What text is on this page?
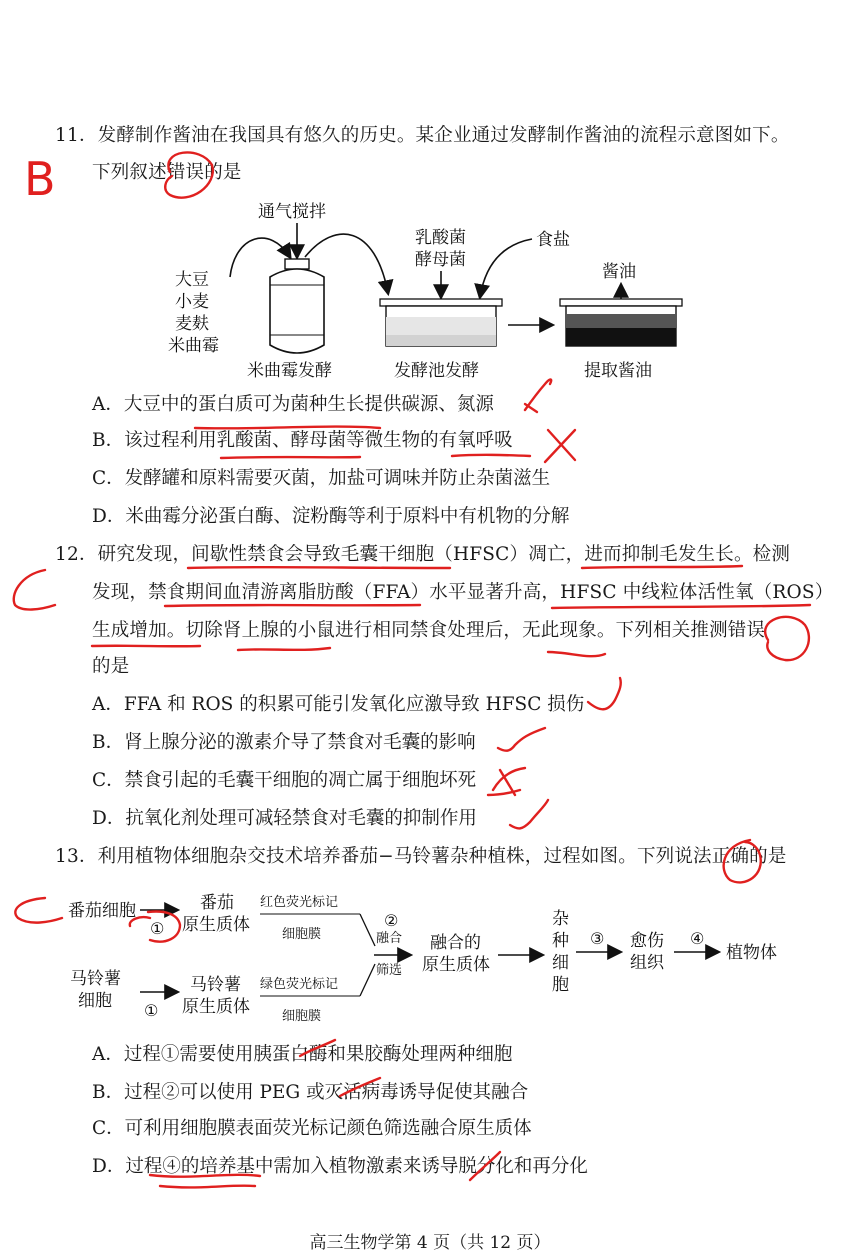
11．发酵制作酱油在我国具有悠久的历史。某企业通过发酵制作酱油的流程示意图如下。
下列叙述错误的是
通气搅拌
大豆
小麦
麦麸
米曲霉
米曲霉发酵
乳酸菌
酵母菌
食盐
发酵池发酵
酱油
提取酱油
A．大豆中的蛋白质可为菌种生长提供碳源、氮源
B．该过程利用乳酸菌、酵母菌等微生物的有氧呼吸
C．发酵罐和原料需要灭菌，加盐可调味并防止杂菌滋生
D．米曲霉分泌蛋白酶、淀粉酶等利于原料中有机物的分解
12．研究发现，间歇性禁食会导致毛囊干细胞（HFSC）凋亡，进而抑制毛发生长。检测
发现，禁食期间血清游离脂肪酸（FFA）水平显著升高，HFSC 中线粒体活性氧（ROS）
生成增加。切除肾上腺的小鼠进行相同禁食处理后，无此现象。下列相关推测错误
的是
A．FFA 和 ROS 的积累可能引发氧化应激导致 HFSC 损伤
B．肾上腺分泌的激素介导了禁食对毛囊的影响
C．禁食引起的毛囊干细胞的凋亡属于细胞坏死
D．抗氧化剂处理可减轻禁食对毛囊的抑制作用
13．利用植物体细胞杂交技术培养番茄−马铃薯杂种植株，过程如图。下列说法正确的是
番茄细胞
①
番茄
原生质体
红色荧光标记
细胞膜
马铃薯
细胞 ①
马铃薯
原生质体
绿色荧光标记
细胞膜
②
融合
筛选
融合的
原生质体
杂
种
细
胞
③ 愈伤
组织
④
植物体
A．过程①需要使用胰蛋白酶和果胶酶处理两种细胞
B．过程②可以使用 PEG 或灭活病毒诱导促使其融合
C．可利用细胞膜表面荧光标记颜色筛选融合原生质体
D．过程④的培养基中需加入植物激素来诱导脱分化和再分化
高三生物学第 4 页（共 12 页）
B
